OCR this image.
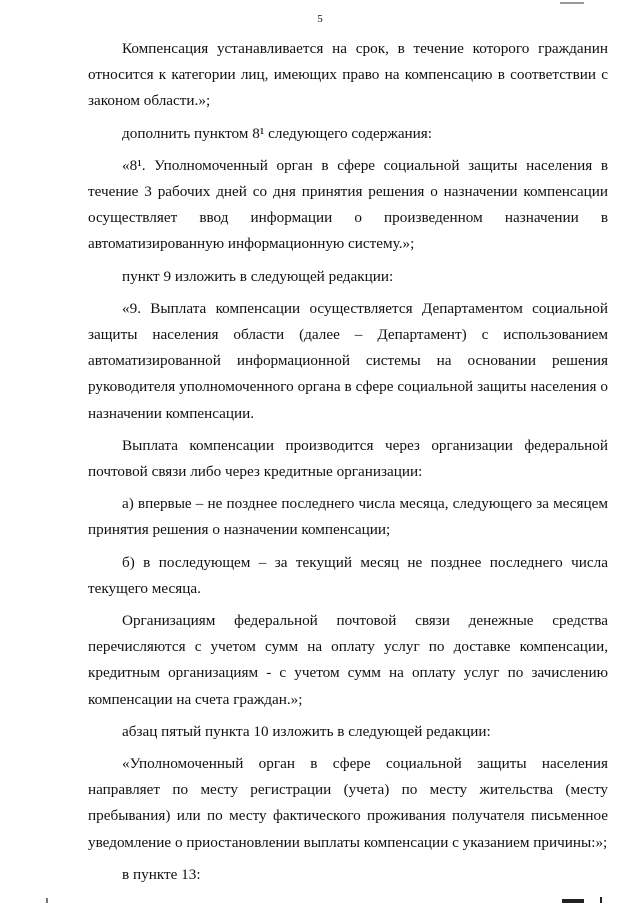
5

Компенсация устанавливается на срок, в течение которого гражданин относится к категории лиц, имеющих право на компенсацию в соответствии с законом области.»;

дополнить пунктом 8¹ следующего содержания:

«8¹. Уполномоченный орган в сфере социальной защиты населения в течение 3 рабочих дней со дня принятия решения о назначении компенсации осуществляет ввод информации о произведенном назначении в автоматизированную информационную систему.»;

пункт 9 изложить в следующей редакции:

«9. Выплата компенсации осуществляется Департаментом социальной защиты населения области (далее – Департамент) с использованием автоматизированной информационной системы на основании решения руководителя уполномоченного органа в сфере социальной защиты населения о назначении компенсации.

Выплата компенсации производится через организации федеральной почтовой связи либо через кредитные организации:

а) впервые – не позднее последнего числа месяца, следующего за месяцем принятия решения о назначении компенсации;

б) в последующем – за текущий месяц не позднее последнего числа текущего месяца.

Организациям федеральной почтовой связи денежные средства перечисляются с учетом сумм на оплату услуг по доставке компенсации, кредитным организациям - с учетом сумм на оплату услуг по зачислению компенсации на счета граждан.»;

абзац пятый пункта 10 изложить в следующей редакции:

«Уполномоченный орган в сфере социальной защиты населения направляет по месту регистрации (учета) по месту жительства (месту пребывания) или по месту фактического проживания получателя письменное уведомление о приостановлении выплаты компенсации с указанием причины:»;

в пункте 13:
